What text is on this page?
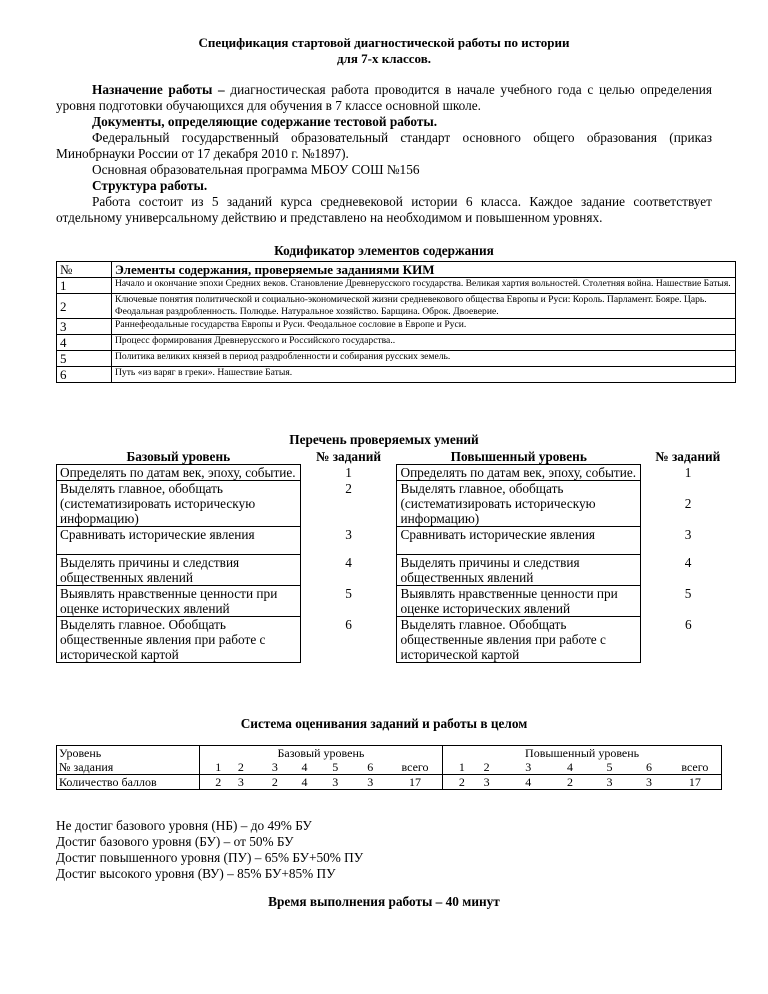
Спецификация стартовой диагностической работы по истории
для 7-х классов.
Назначение работы – диагностическая работа проводится в начале учебного года с целью определения уровня подготовки обучающихся для обучения в 7 классе основной школе.
Документы, определяющие содержание тестовой работы.
Федеральный государственный образовательный стандарт основного общего образования (приказ Минобрнауки России от 17 декабря 2010 г. №1897).
Основная образовательная программа МБОУ СОШ №156
Структура работы.
Работа состоит из 5 заданий курса средневековой истории 6 класса. Каждое задание соответствует отдельному универсальному действию и представлено на необходимом и повышенном уровнях.
Кодификатор элементов содержания
№	Элементы содержания, проверяемые заданиями КИМ
1	Начало и окончание эпохи Средних веков. Становление Древнерусского государства. Великая хартия вольностей. Столетняя война. Нашествие Батыя.
2	Ключевые понятия политической и социально-экономической жизни средневекового общества Европы и Руси: Король. Парламент. Бояре. Царь. Феодальная раздробленность. Полюдье. Натуральное хозяйство. Барщина. Оброк. Двоеверие.
3	Раннефеодальные государства Европы и Руси. Феодальное сословие в Европе и Руси.
4	Процесс формирования Древнерусского и Российского государства..
5	Политика великих князей в период раздробленности и собирания русских земель.
6	Путь «из варяг в греки». Нашествие Батыя.
Перечень проверяемых умений
Базовый уровень	№ заданий	Повышенный уровень	№ заданий
Определять по датам век, эпоху, событие.	1	Определять по датам век, эпоху, событие.	1
Выделять главное, обобщать (систематизировать историческую информацию)	2	Выделять главное, обобщать (систематизировать историческую информацию)	2
Сравнивать исторические явления	3	Сравнивать исторические явления	3
Выделять причины и следствия общественных явлений	4	Выделять причины и следствия общественных явлений	4
Выявлять нравственные ценности при оценке исторических явлений	5	Выявлять нравственные ценности при оценке исторических явлений	5
Выделять главное. Обобщать общественные явления при работе с исторической картой	6	Выделять главное. Обобщать общественные явления при работе с исторической картой	6
Система оценивания заданий и работы в целом
Уровень	Базовый уровень							Повышенный уровень						
№ задания	1	2	3	4	5	6	всего	1	2	3	4	5	6	всего
Количество баллов	2	3	2	4	3	3	17	2	3	4	2	3	3	17
Не достиг базового уровня (НБ) – до 49% БУ
Достиг базового уровня (БУ) – от 50% БУ
Достиг повышенного уровня (ПУ) – 65% БУ+50% ПУ
Достиг высокого уровня (ВУ) – 85% БУ+85% ПУ
Время выполнения работы – 40 минут
